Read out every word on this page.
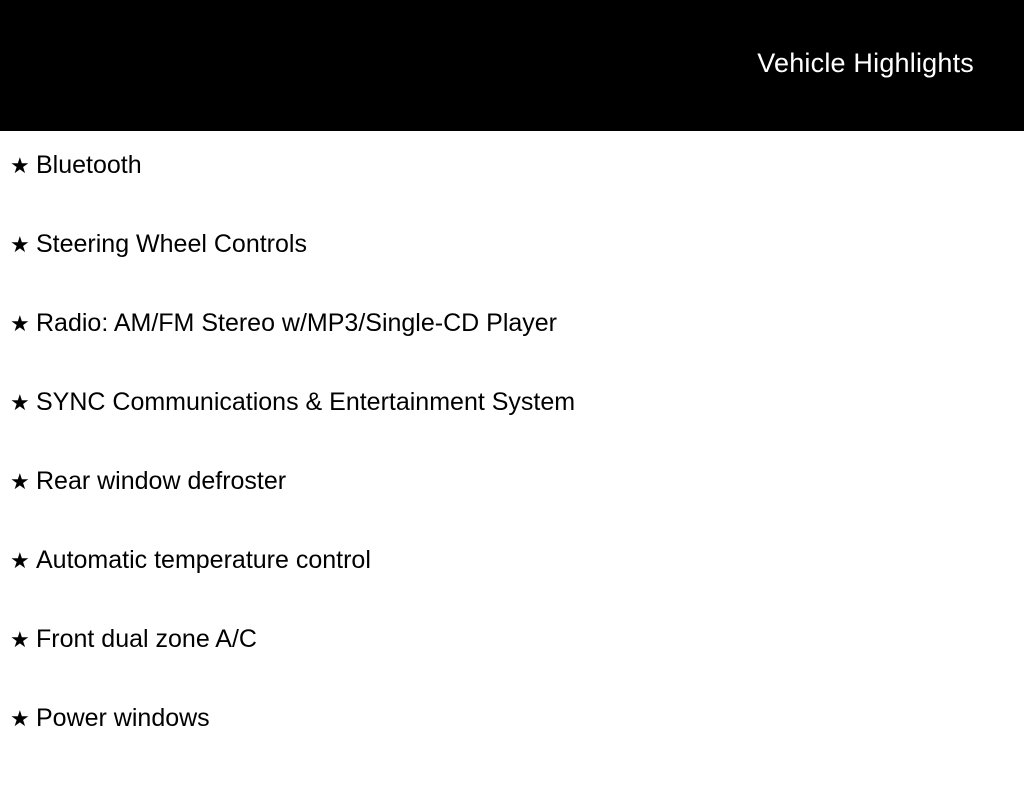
Vehicle Highlights
★ Bluetooth
★ Steering Wheel Controls
★ Radio: AM/FM Stereo w/MP3/Single-CD Player
★ SYNC Communications & Entertainment System
★ Rear window defroster
★ Automatic temperature control
★ Front dual zone A/C
★ Power windows
